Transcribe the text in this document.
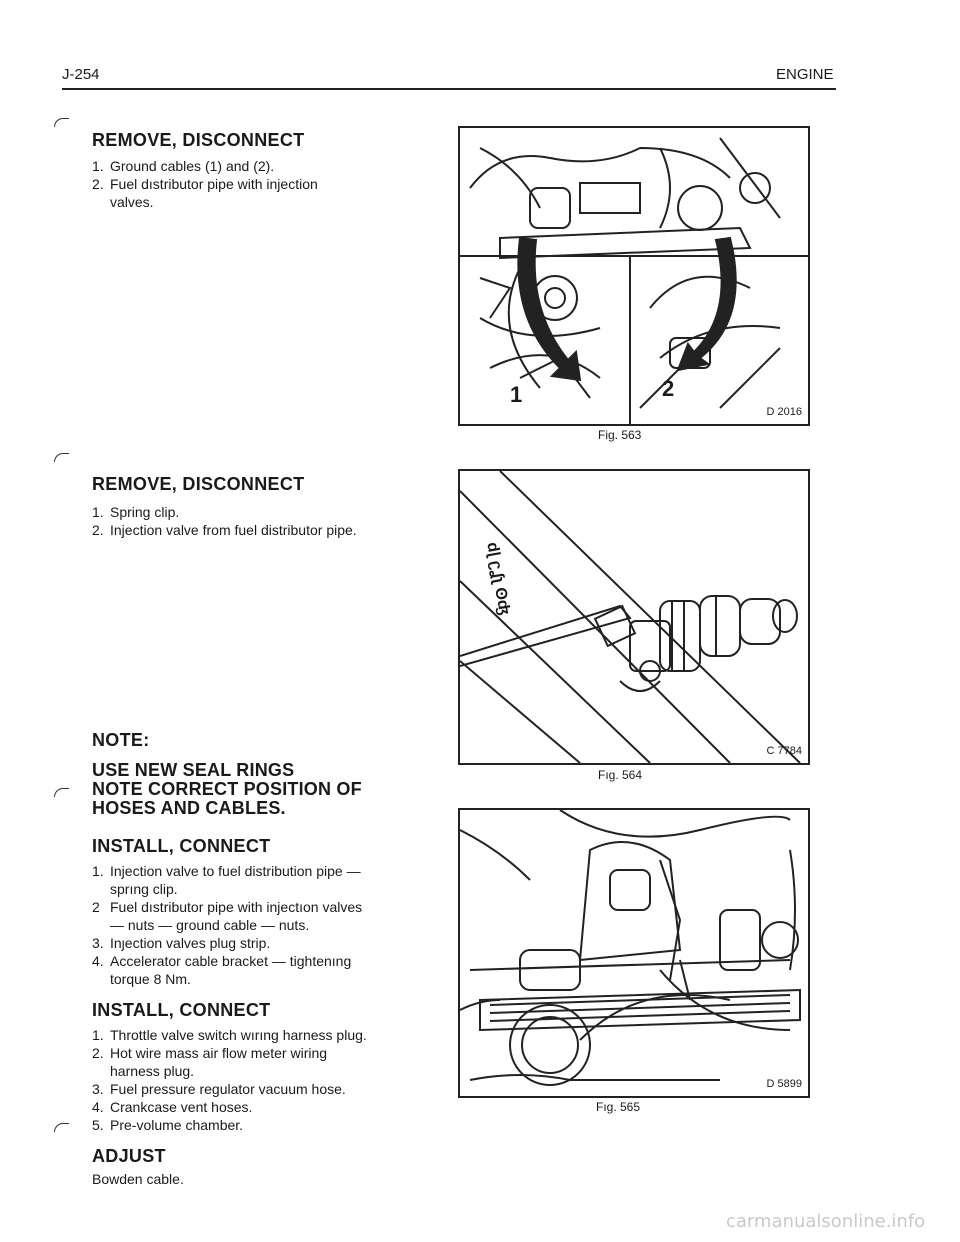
J-254	ENGINE
REMOVE, DISCONNECT
1. Ground cables (1) and (2).
2. Fuel dıstributor pipe with injection
valves.
REMOVE, DISCONNECT
1. Spring clip.
2. Injection valve from fuel distributor pipe.
NOTE:
USE NEW SEAL RINGS
NOTE CORRECT POSITION OF
HOSES AND CABLES.
INSTALL, CONNECT
1. Injection valve to fuel distribution pipe —
sprıng clip.
2 Fuel dıstributor pipe with injectıon valves
— nuts — ground cable — nuts.
3. Inȷection valves plug strip.
4. Accelerator cable bracket — tightenıng
torque 8 Nm.
INSTALL, CONNECT
1. Throttle valve switch wırıng harness plug.
2. Hot wire mass air flow meter wiring
harness plug.
3. Fuel pressure regulator vacuum hose.
4. Crankcase vent hoses.
5. Pre-volume chamber.
ADJUST
Bowden cable.
1	2
D 2016
Fig. 563
ԁɭ ʗʆʅ ʘʤ
C 7784
Fıg. 564
D 5899
Fıg. 565
carmanualsonline.info
